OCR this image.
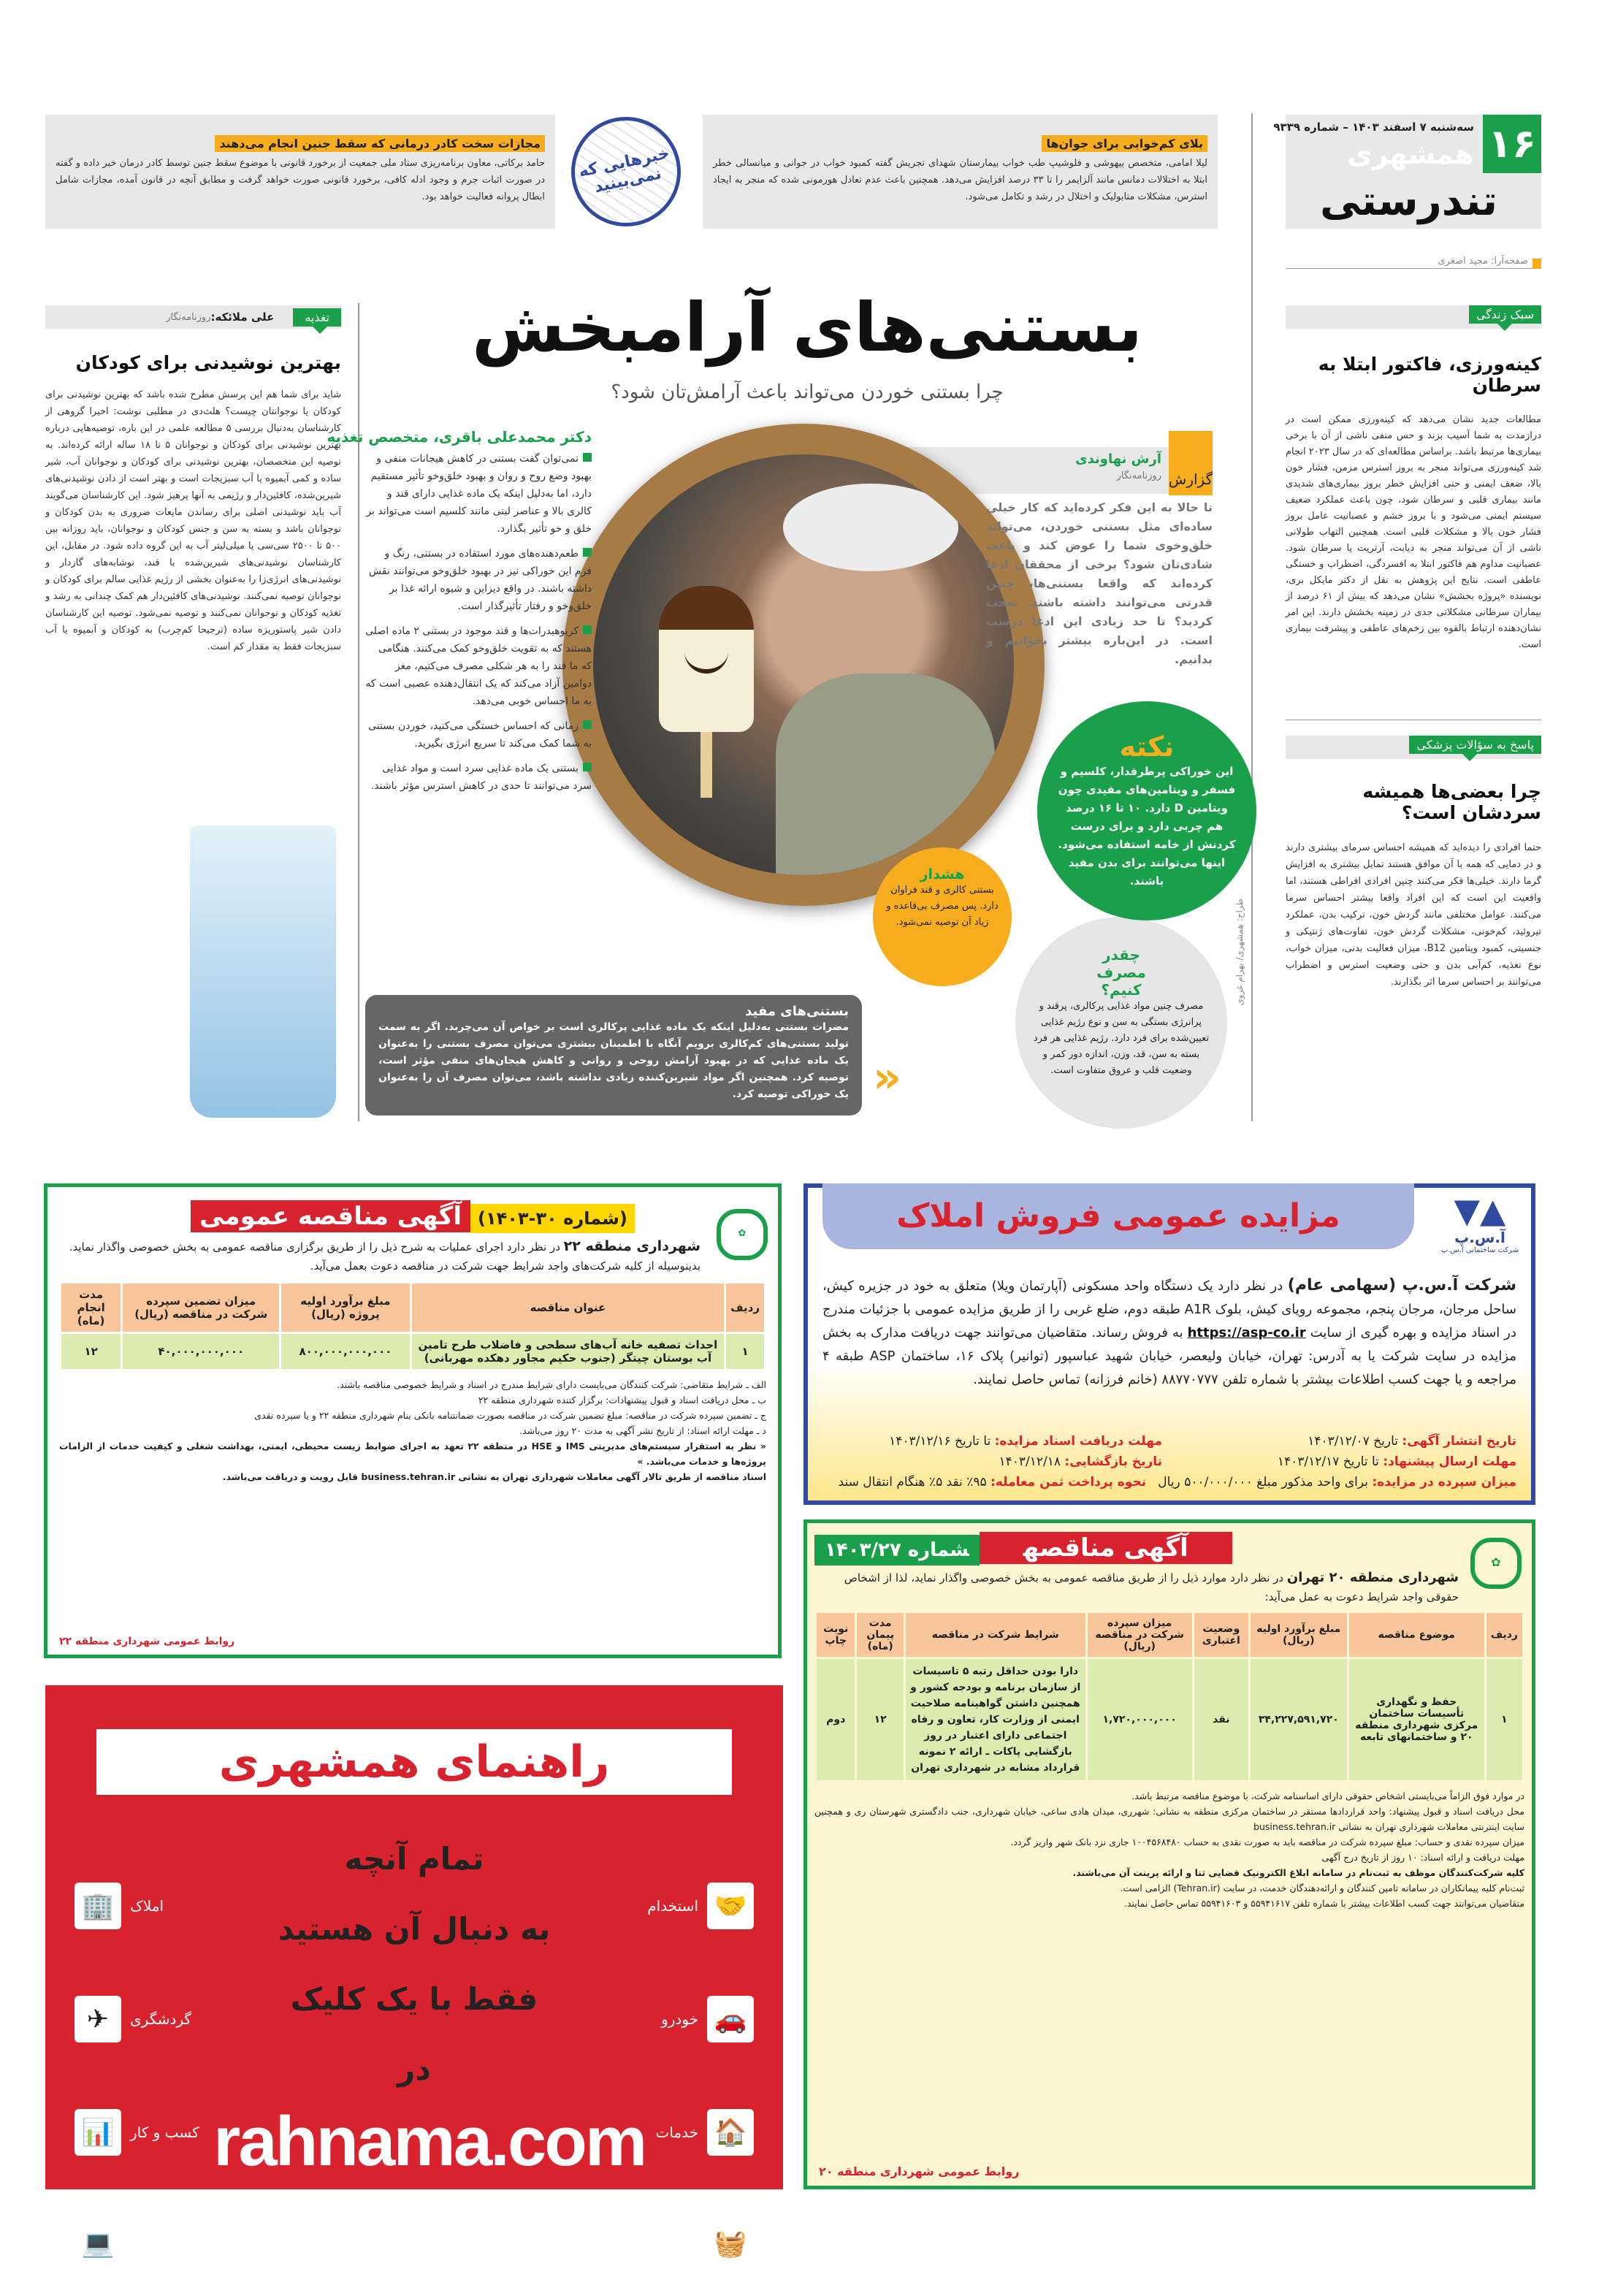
۱۶
سه‌شنبه ۷ اسفند ۱۴۰۳ – شماره ۹۳۳۹
همشهری
تندرستی
صفحه‌آرا: مجید اصغری
بلای کم‌خوابی برای جوان‌ها

لیلا امامی، متخصص بیهوشی و فلوشیپ طب خواب بیمارستان شهدای تجریش گفته کمبود خواب در جوانی و میانسالی خطر ابتلا به اختلالات دمانس مانند آلزایمر را تا ۳۳ درصد افزایش می‌دهد. همچنین باعث عدم تعادل هورمونی شده که منجر به ایجاد استرس، مشکلات متابولیک و اختلال در رشد و تکامل می‌شود.

خبرهایی که نمی‌بینید
مجازات سخت کادر درمانی که سقط جنین انجام می‌دهند

حامد برکاتی، معاون برنامه‌ریزی ستاد ملی جمعیت از برخورد قانونی با موضوع سقط جنین توسط کادر درمان خبر داده و گفته در صورت اثبات جرم و وجود ادله کافی، برخورد قانونی صورت خواهد گرفت و مطابق آنچه در قانون آمده، مجازات شامل ابطال پروانه فعالیت خواهد بود.

سبک زندگی
کینه‌ورزی، فاکتور ابتلا به سرطان

مطالعات جدید نشان می‌دهد که کینه‌ورزی ممکن است در درازمدت به شما آسیب بزند و حس منفی ناشی از آن با برخی بیماری‌ها مرتبط باشد. براساس مطالعه‌ای که در سال ۲۰۲۳ انجام شد کینه‌ورزی می‌تواند منجر به بروز استرس مزمن، فشار خون بالا، ضعف ایمنی و حتی افزایش خطر بروز بیماری‌های شدیدی مانند بیماری قلبی و سرطان شود، چون باعث عملکرد ضعیف سیستم ایمنی می‌شود و با بروز خشم و عصبانیت عامل بروز فشار خون بالا و مشکلات قلبی است. همچنین التهاب طولانی ناشی از آن می‌تواند منجر به دیابت، آرتریت یا سرطان شود. عصبانیت مداوم هم فاکتور ابتلا به افسردگی، اضطراب و خستگی عاطفی است. نتایج این پژوهش به نقل از دکتر مایکل بری، نویسنده «پروژه بخشش» نشان می‌دهد که بیش از ۶۱ درصد از بیماران سرطانی مشکلاتی جدی در زمینه بخشش دارند. این امر نشان‌دهنده ارتباط بالقوه بین زخم‌های عاطفی و پیشرفت بیماری است.

پاسخ به سؤالات پزشکی
چرا بعضی‌ها همیشه سردشان است؟

حتما افرادی را دیده‌اید که همیشه احساس سرمای بیشتری دارند و در دمایی که همه با آن موافق هستند تمایل بیشتری به افزایش گرما دارند. خیلی‌ها فکر می‌کنند چنین افرادی افراطی هستند، اما واقعیت این است که این افراد واقعا بیشتر احساس سرما می‌کنند. عوامل مختلفی مانند گردش خون، ترکیب بدن، عملکرد تیروئید، کم‌خونی، مشکلات گردش خون، تفاوت‌های ژنتیکی و جنسیتی، کمبود ویتامین B12، میزان فعالیت بدنی، میزان خواب، نوع تغذیه، کم‌آبی بدن و حتی وضعیت استرس و اضطراب می‌توانند بر احساس سرما اثر بگذارند.

بستنی‌های آرامبخش
چرا بستنی خوردن می‌تواند باعث آرامش‌تان شود؟
گزارش
آرش نهاوندی
روزنامه‌نگار

تا حالا به این فکر کرده‌اید که کار خیلی ساده‌ای مثل بستنی خوردن، می‌تواند خلق‌وخوی شما را عوض کند و باعث شادی‌تان شود؟ برخی از محققان ادعا کرده‌اند که واقعا بستنی‌ها، چنین قدرتی می‌توانند داشته باشند. تعجب کردید؟ تا حد زیادی این ادعا درست است. در این‌باره بیشتر بخوانیم و بدانیم.

دکتر محمدعلی باقری، متخصص تغذیه
نمی‌توان گفت بستنی در کاهش هیجانات منفی و بهبود وضع روح و روان و بهبود خلق‌وخو تأثیر مستقیم دارد، اما به‌دلیل اینکه یک ماده غذایی دارای قند و کالری بالا و عناصر لبنی مانند کلسیم است می‌تواند بر خلق و خو تأثیر بگذارد.
طعم‌دهنده‌های مورد استفاده در بستنی، رنگ و فرم این خوراکی نیز در بهبود خلق‌وخو می‌توانند نقش داشته باشند. در واقع دیزاین و شیوه ارائه غذا بر خلق‌وخو و رفتار تأثیرگذار است.
کربوهیدرات‌ها و قند موجود در بستنی ۲ ماده اصلی هستند که به تقویت خلق‌وخو کمک می‌کنند. هنگامی که ما قند را به هر شکلی مصرف می‌کنیم، مغز دوامین آزاد می‌کند که یک انتقال‌دهنده عصبی است که به ما احساس خوبی می‌دهد.
زمانی که احساس خستگی می‌کنید، خوردن بستنی به شما کمک می‌کند تا سریع انرژی بگیرید.
بستنی یک ماده غذایی سرد است و مواد غذایی سرد می‌توانند تا حدی در کاهش استرس مؤثر باشند.
نکته
این خوراکی پرطرفدار، کلسیم و فسفر و ویتامین‌های مفیدی چون ویتامین D دارد. ۱۰ تا ۱۶ درصد هم چربی دارد و برای درست کردنش از خامه استفاده می‌شود. اینها می‌توانند برای بدن مفید باشند.
هشدار
بستنی کالری و قند فراوان دارد. پس مصرف بی‌قاعده و زیاد آن توصیه نمی‌شود.
چقدر مصرف کنیم؟
مصرف چنین مواد غذایی پرکالری، پرقند و پرانرژی بستگی به سن و نوع رژیم غذایی تعیین‌شده برای فرد دارد. رژیم غذایی هر فرد بسته به سن، قد، وزن، اندازه دور کمر و وضعیت قلب و عروق متفاوت است.
طراح: همشهری/ بهرام غروی
بستنی‌های مفید
مضرات بستنی به‌دلیل اینکه یک ماده غذایی پرکالری است بر خواص آن می‌چربد. اگر به سمت تولید بستنی‌های کم‌کالری برویم آنگاه با اطمینان بیشتری می‌توان مصرف بستنی را به‌عنوان یک ماده غذایی که در بهبود آرامش روحی و روانی و کاهش هیجان‌های منفی مؤثر است، توصیه کرد. همچنین اگر مواد شیرین‌کننده زیادی نداشته باشد، می‌توان مصرف آن را به‌عنوان یک خوراکی توصیه کرد. «
تغذیه
علی ملائکه:
روزنامه‌نگار
بهترین نوشیدنی برای کودکان

شاید برای شما هم این پرسش مطرح شده باشد که بهترین نوشیدنی برای کودکان یا نوجوانتان چیست؟ هلث‌دی در مطلبی نوشت: اخیرا گروهی از کارشناسان به‌دنبال بررسی ۵ مطالعه علمی در این باره، توصیه‌هایی درباره بهترین نوشیدنی برای کودکان و نوجوانان ۵ تا ۱۸ ساله ارائه کرده‌اند. به توصیه این متخصصان، بهترین نوشیدنی برای کودکان و نوجوانان آب، شیر ساده و کمی آبمیوه یا آب سبزیجات است و بهتر است از دادن نوشیدنی‌های شیرین‌شده، کافئین‌دار و رژیمی به آنها پرهیز شود. این کارشناسان می‌گویند آب باید نوشیدنی اصلی برای رساندن مایعات ضروری به بدن کودکان و نوجوانان باشد و بسته به سن و جنس کودکان و نوجوانان، باید روزانه بین ۵۰۰ تا ۲۵۰۰ سی‌سی یا میلی‌لیتر آب به این گروه داده شود. در مقابل، این کارشناسان نوشیدنی‌های شیرین‌شده با قند، نوشابه‌های گازدار و نوشیدنی‌های انرژی‌زا را به‌عنوان بخشی از رژیم غذایی سالم برای کودکان و نوجوانان توصیه نمی‌کنند. نوشیدنی‌های کافئین‌دار هم کمک چندانی به رشد و تغذیه کودکان و نوجوانان نمی‌کنند و توصیه نمی‌شود. توصیه این کارشناسان دادن شیر پاستوریزه ساده (ترجیحا کم‌چرب) به کودکان و آبمیوه یا آب سبزیجات فقط به مقدار کم است.

مزایده عمومی فروش املاک	▲▼
آ.س.پ
شرکت ساختمانی آ.س.پ
شرکت آ.س.پ (سهامی عام) در نظر دارد یک دستگاه واحد مسکونی (آپارتمان ویلا) متعلق به خود در جزیره کیش، ساحل مرجان، مرجان پنجم، مجموعه رویای کیش، بلوک A1R طبقه دوم، ضلع غربی را از طریق مزایده عمومی با جزئیات مندرج در اسناد مزایده و بهره گیری از سایت https://asp-co.ir به فروش رساند. متقاضیان می‌توانند جهت دریافت مدارک به بخش مزایده در سایت شرکت یا به آدرس: تهران، خیابان ولیعصر، خیابان شهید عباسپور (توانیر) پلاک ۱۶، ساختمان ASP طبقه ۴ مراجعه و یا جهت کسب اطلاعات بیشتر با شماره تلفن ۸۸۷۷۰۷۷۷ (خانم فرزانه) تماس حاصل نمایند.
تاریخ انتشار آگهی: تاریخ ۱۴۰۳/۱۲/۰۷
مهلت دریافت اسناد مزایده: تا تاریخ ۱۴۰۳/۱۲/۱۶
مهلت ارسال پیشنهاد: تا تاریخ ۱۴۰۳/۱۲/۱۷
تاریخ بازگشایی: ۱۴۰۳/۱۲/۱۸
میزان سپرده در مزایده: برای واحد مذکور مبلغ ۵۰۰/۰۰۰/۰۰۰ ریال   نحوه پرداخت ثمن معامله: ۹۵٪ نقد ۵٪ هنگام انتقال سند
✿
(شماره ۳۰-۱۴۰۳)آگهی مناقصه عمومی
شهرداری منطقه ۲۲ در نظر دارد اجرای عملیات به شرح ذیل را از طریق برگزاری مناقصه عمومی به بخش خصوصی واگذار نماید. بدینوسیله از کلیه شرکت‌های واجد شرایط جهت شرکت در مناقصه دعوت بعمل می‌آید.
ردیف	عنوان مناقصه	مبلغ برآورد اولیه پروژه (ریال)	میزان تضمین سپرده شرکت در مناقصه (ریال)	مدت انجام (ماه)
۱	احداث تصفیه خانه آب‌های سطحی و فاضلاب طرح تامین آب بوستان چیتگر (جنوب حکیم مجاور دهکده مهربانی)	۸۰۰,۰۰۰,۰۰۰,۰۰۰	۴۰,۰۰۰,۰۰۰,۰۰۰	۱۲

الف ـ شرایط متقاضی: شرکت کنندگان می‌بایست دارای شرایط مندرج در اسناد و شرایط خصوصی مناقصه باشند.

ب ـ محل دریافت اسناد و قبول پیشنهادات: برگزار کننده شهرداری منطقه ۲۲

ج ـ تضمین سپرده شرکت در مناقصه: مبلغ تضمین شرکت در مناقصه بصورت ضمانتنامه بانکی بنام شهرداری منطقه ۲۲ و یا سپرده نقدی

د ـ مهلت ارائه اسناد: از تاریخ نشر آگهی به مدت ۲۰ روز می‌باشد.

« نظر به استقرار سیستم‌های مدیریتی IMS و HSE در منطقه ۲۲ تعهد به اجرای ضوابط زیست محیطی، ایمنی، بهداشت شغلی و کیفیت خدمات از الزامات پروژه‌ها و خدمات می‌باشد. »

اسناد مناقصه از طریق تالار آگهی معاملات شهرداری تهران به نشانی business.tehran.ir قابل رویت و دریافت می‌باشد.

روابط عمومی شهرداری منطقه ۲۲
راهنمای همشهری
تمام آنچه
به دنبال آن هستید
فقط با یک کلیک
در
rahnama.com
🤝
استخدام
🚗
خودرو
🏠
خدمات
🧺
لوازم خانگی
🏢	املاک
✈	گردشگری
📊	کسب و کار
💻	لوازم الکترونیک
✿
آگهی مناقصهشماره ۱۴۰۳/۲۷
شهرداری منطقه ۲۰ تهران در نظر دارد موارد ذیل را از طریق مناقصه عمومی به بخش خصوصی واگذار نماید، لذا از اشخاص حقوقی واجد شرایط دعوت به عمل می‌آید:
ردیف	موضوع مناقصه	مبلغ برآورد اولیه (ریال)	وضعیت اعتباری	میزان سپرده شرکت در مناقصه (ریال)	شرایط شرکت در مناقصه	مدت پیمان (ماه)	نوبت چاپ
۱	حفظ و نگهداری تأسیسات ساختمان مرکزی شهرداری منطقه ۲۰ و ساختمانهای تابعه	۳۴,۲۲۷,۵۹۱,۷۲۰	نقد	۱,۷۲۰,۰۰۰,۰۰۰	دارا بودن حداقل رتبه ۵ تاسیسات از سازمان برنامه و بودجه کشور و همچنین داشتن گواهینامه صلاحیت ایمنی از وزارت کار، تعاون و رفاه اجتماعی دارای اعتبار در روز بازگشایی پاکات ـ ارائه ۲ نمونه قرارداد مشابه در شهرداری تهران	۱۲	دوم

در موارد فوق الزاماً می‌بایستی اشخاص حقوقی دارای اساسنامه شرکت، با موضوع مناقصه مرتبط باشد.

محل دریافت اسناد و قبول پیشنهاد: واحد قراردادها مستقر در ساختمان مرکزی منطقه به نشانی: شهرری، میدان هادی ساعی، خیابان شهرداری، جنب دادگستری شهرستان ری و همچنین سایت اینترنتی معاملات شهرداری تهران به نشانی business.tehran.ir

میزان سپرده نقدی و حساب: مبلغ سپرده شرکت در مناقصه باید به صورت نقدی به حساب ۱۰۰۴۵۶۸۴۸۰ جاری نزد بانک شهر واریز گردد.

مهلت دریافت و ارائه اسناد: ۱۰ روز از تاریخ درج آگهی

کلیه شرکت‌کنندگان موظف به ثبت‌نام در سامانه ابلاغ الکترونیک قضایی ثنا و ارائه پرینت آن می‌باشند.

ثبت‌نام کلیه پیمانکاران در سامانه تامین کنندگان و ارائه‌دهندگان خدمت، در سایت (Tehran.ir) الزامی است.

متقاضیان می‌توانند جهت کسب اطلاعات بیشتر با شماره تلفن ۵۵۹۴۱۶۱۷ و ۵۵۹۴۱۶۰۳ تماس حاصل نمایند.

روابط عمومی شهرداری منطقه ۲۰
